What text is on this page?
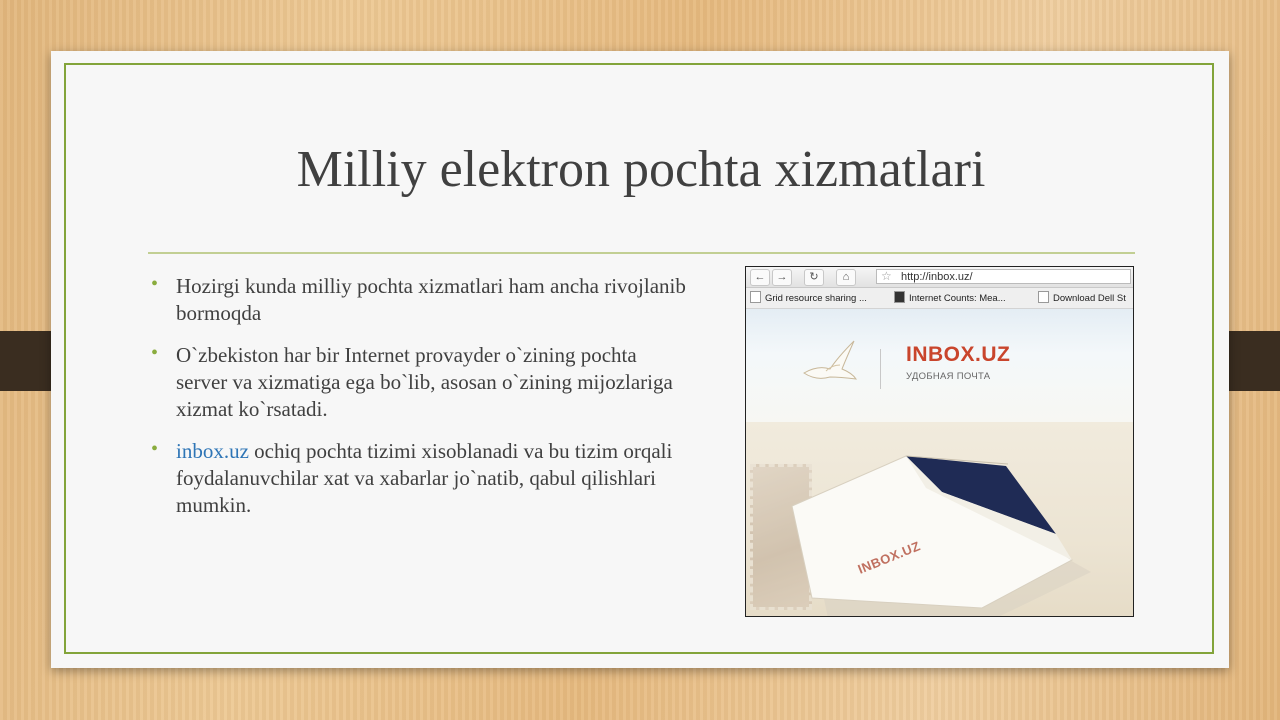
Milliy elektron pochta xizmatlari
• Hozirgi kunda milliy pochta xizmatlari ham ancha rivojlanib bormoqda
• O`zbekiston har bir Internet provayder o`zining pochta server va xizmatiga ega bo`lib, asosan o`zining mijozlariga xizmat ko`rsatadi.
• inbox.uz ochiq pochta tizimi xisoblanadi va bu tizim orqali foydalanuvchilar xat va xabarlar jo`natib, qabul qilishlari mumkin.
←	→	↻	⌂	☆ http://inbox.uz/
Grid resource sharing ...	Internet Counts: Mea...	Download Dell St
INBOX.UZ
УДОБНАЯ ПОЧТА
INBOX.UZ
